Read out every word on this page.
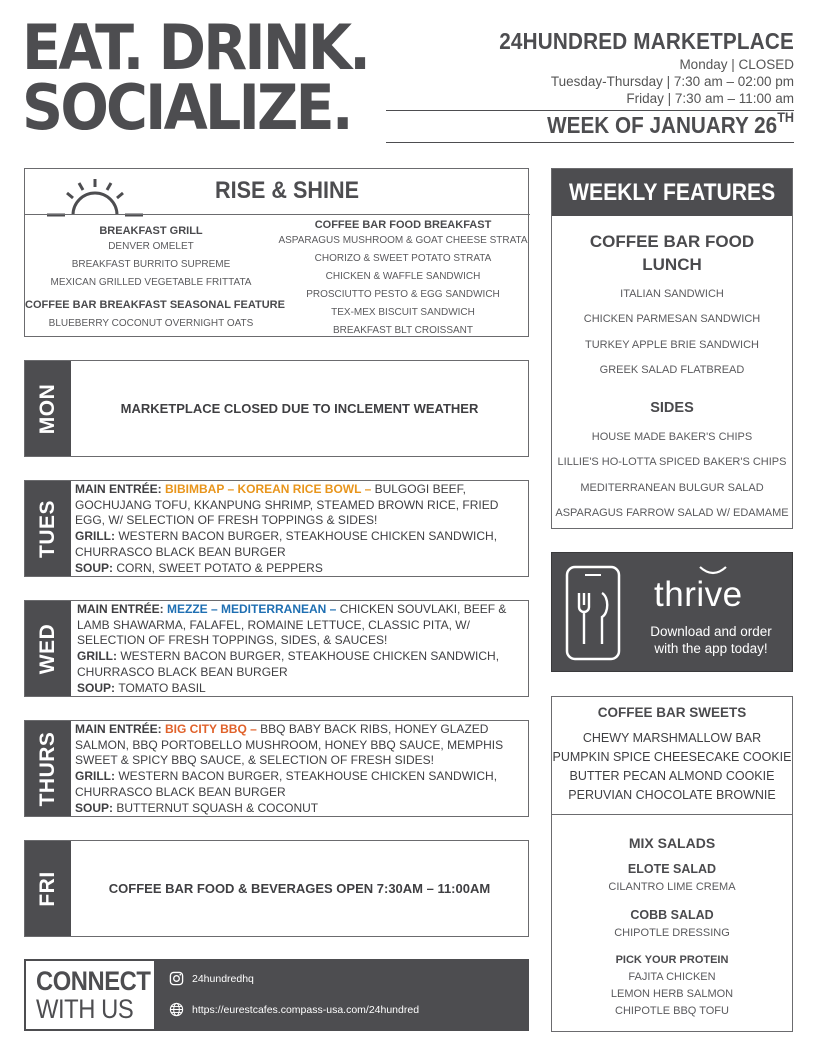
EAT. DRINK.
SOCIALIZE.
24HUNDRED MARKETPLACE
Monday | CLOSED
Tuesday-Thursday | 7:30 am – 02:00 pm
Friday | 7:30 am – 11:00 am
WEEK OF JANUARY 26TH
RISE & SHINE
BREAKFAST GRILL
DENVER OMELET
BREAKFAST BURRITO SUPREME
MEXICAN GRILLED VEGETABLE FRITTATA
COFFEE BAR BREAKFAST SEASONAL FEATURE
BLUEBERRY COCONUT OVERNIGHT OATS
COFFEE BAR FOOD BREAKFAST
ASPARAGUS MUSHROOM & GOAT CHEESE STRATA
CHORIZO & SWEET POTATO STRATA
CHICKEN & WAFFLE SANDWICH
PROSCIUTTO PESTO & EGG SANDWICH
TEX-MEX BISCUIT SANDWICH
BREAKFAST BLT CROISSANT
MON	MARKETPLACE CLOSED DUE TO INCLEMENT WEATHER
TUES
MAIN ENTRÉE: BIBIMBAP – KOREAN RICE BOWL – BULGOGI BEEF, GOCHUJANG TOFU, KKANPUNG SHRIMP, STEAMED BROWN RICE, FRIED EGG, W/ SELECTION OF FRESH TOPPINGS & SIDES!
GRILL: WESTERN BACON BURGER, STEAKHOUSE CHICKEN SANDWICH, CHURRASCO BLACK BEAN BURGER
SOUP: CORN, SWEET POTATO & PEPPERS
WED
MAIN ENTRÉE: MEZZE – MEDITERRANEAN – CHICKEN SOUVLAKI, BEEF & LAMB SHAWARMA, FALAFEL, ROMAINE LETTUCE, CLASSIC PITA, W/ SELECTION OF FRESH TOPPINGS, SIDES, & SAUCES!
GRILL: WESTERN BACON BURGER, STEAKHOUSE CHICKEN SANDWICH, CHURRASCO BLACK BEAN BURGER
SOUP: TOMATO BASIL
THURS
MAIN ENTRÉE: BIG CITY BBQ – BBQ BABY BACK RIBS, HONEY GLAZED SALMON, BBQ PORTOBELLO MUSHROOM, HONEY BBQ SAUCE, MEMPHIS SWEET & SPICY BBQ SAUCE, & SELECTION OF FRESH SIDES!
GRILL: WESTERN BACON BURGER, STEAKHOUSE CHICKEN SANDWICH, CHURRASCO BLACK BEAN BURGER
SOUP: BUTTERNUT SQUASH & COCONUT
FRI	COFFEE BAR FOOD & BEVERAGES OPEN 7:30AM – 11:00AM
CONNECT
WITH US
24hundredhq
https://eurestcafes.compass-usa.com/24hundred
WEEKLY FEATURES
COFFEE BAR FOOD
LUNCH
ITALIAN SANDWICH
CHICKEN PARMESAN SANDWICH
TURKEY APPLE BRIE SANDWICH
GREEK SALAD FLATBREAD
SIDES
HOUSE MADE BAKER'S CHIPS
LILLIE'S HO-LOTTA SPICED BAKER'S CHIPS
MEDITERRANEAN BULGUR SALAD
ASPARAGUS FARROW SALAD W/ EDAMAME
thrive
Download and order
with the app today!
COFFEE BAR SWEETS
CHEWY MARSHMALLOW BAR
PUMPKIN SPICE CHEESECAKE COOKIE
BUTTER PECAN ALMOND COOKIE
PERUVIAN CHOCOLATE BROWNIE
MIX SALADS
ELOTE SALAD
CILANTRO LIME CREMA
COBB SALAD
CHIPOTLE DRESSING
PICK YOUR PROTEIN
FAJITA CHICKEN
LEMON HERB SALMON
CHIPOTLE BBQ TOFU
